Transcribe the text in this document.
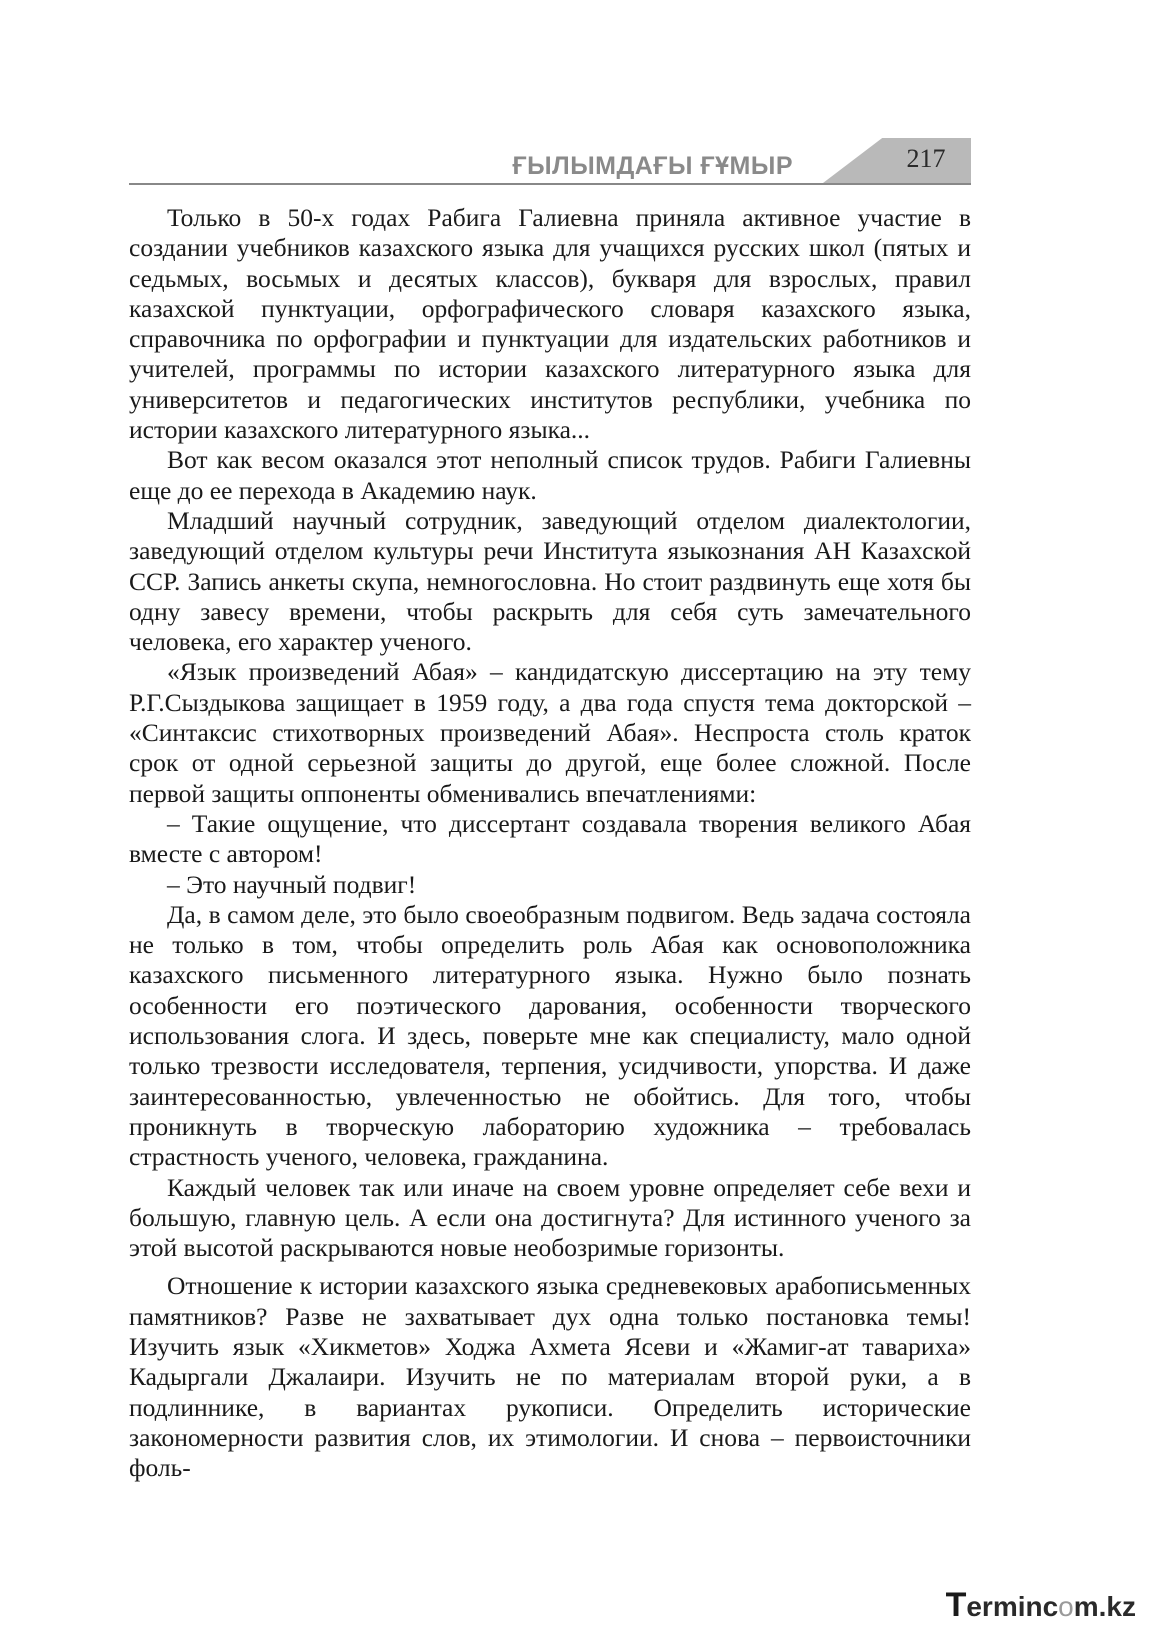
ҒЫЛЫМДАҒЫ ҒҰМЫР	217

Только в 50-х годах Рабига Галиевна приняла активное участие в создании учебников казахского языка для учащихся русских школ (пятых и седьмых, восьмых и десятых классов), букваря для взрослых, правил казахской пунктуации, орфографического словаря казахского языка, справочника по орфографии и пунктуации для издательских работников и учителей, программы по истории казахского литературного языка для университетов и педагогических институтов республики, учебника по истории казахского литературного языка...

Вот как весом оказался этот неполный список трудов. Рабиги Галиевны еще до ее перехода в Академию наук.

Младший научный сотрудник, заведующий отделом диалектологии, заведующий отделом культуры речи Института языкознания АН Казахской ССР. Запись анкеты скупа, немногословна. Но стоит раздвинуть еще хотя бы одну завесу времени, чтобы раскрыть для себя суть замечательного человека, его характер ученого.

«Язык произведений Абая» – кандидатскую диссертацию на эту тему Р.Г.Сыздыкова защищает в 1959 году, а два года спустя тема докторской – «Синтаксис стихотворных произведений Абая». Неспроста столь краток срок от одной серьезной защиты до другой, еще более сложной. После первой защиты оппоненты обменивались впечатлениями:

– Такие ощущение, что диссертант создавала творения великого Абая вместе с автором!

– Это научный подвиг!

Да, в самом деле, это было своеобразным подвигом. Ведь задача состояла не только в том, чтобы определить роль Абая как основоположника казахского письменного литературного языка. Нужно было познать особенности его поэтического дарования, особенности творческого использования слога. И здесь, поверьте мне как специалисту, мало одной только трезвости исследователя, терпения, усидчивости, упорства. И даже заинтересованностью, увлеченностью не обойтись. Для того, чтобы проникнуть в творческую лабораторию художника – требовалась страстность ученого, человека, гражданина.

Каждый человек так или иначе на своем уровне определяет себе вехи и большую, главную цель. А если она достигнута? Для истинного ученого за этой высотой раскрываются новые необозримые горизонты.

Отношение к истории казахского языка средневековых арабописьменных памятников? Разве не захватывает дух одна только постановка темы! Изучить язык «Хикметов» Ходжа Ахмета Ясеви и «Жамиг-ат тавариха» Кадыргали Джалаири. Изучить не по материалам второй руки, а в подлиннике, в вариантах рукописи. Определить исторические закономерности развития слов, их этимологии. И снова – первоисточники фоль-

Termincom.kz
